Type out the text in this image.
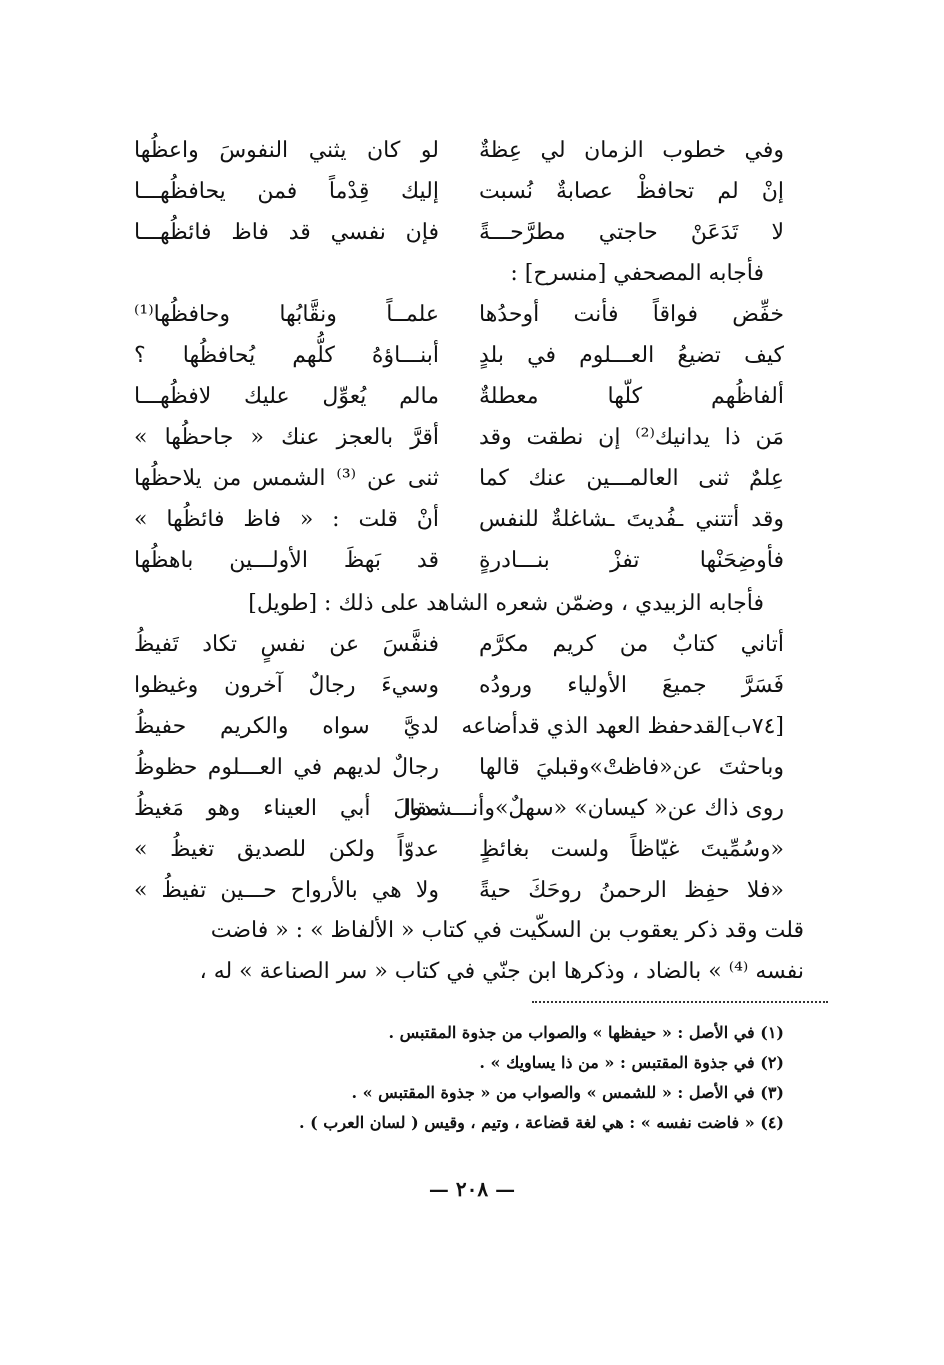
وفي خطوب الزمان لي عِظةٌ
لو كان يثني النفوسَ واعظُها
إنْ لم تحافظْ عصابةٌ نُسبت
إليك قِدْماً فمن يحافظُهـــا
لا تَدَعَنْ حاجتي مطرَّحـــةً
فإن نفسي قد فاظ فائظُهـــا
فأجابه المصحفي [منسرح] :
خفِّض فواقاً فأنت أوحدُها
علمــاً ونقَّابُها وحافظُها⁽¹⁾
كيف تضيعُ العـــلوم في بلدٍ
أبنـــاؤهُ كلُّهم يُحافظُها ؟
ألفاظُهم كلّها معطلةٌ
مالم يُعوِّل عليك لافظُهـــا
مَن ذا يدانيك⁽²⁾ إن نطقت وقد
أقرَّ بالعجز عنك « جاحظُها »
عِلمٌ ثنى العالمـــين عنك كما
ثنى عن ⁽³⁾ الشمس من يلاحظُها
وقد أتتني ـفُديتَ ـشاغلةٌ للنفس
أنْ قلت : « فاظ فائظُها »
فأوضِحَنْها تفزْ بنـــادرةٍ
قد بَهظَ الأولـــين باهظُها
فأجابه الزبيدي ، وضمّن شعره الشاهد على ذلك : [طويل]
أتاني كتابٌ من كريم مكرَّم
فنفَّسَ عن نفسٍ تكاد تَفيظُ
فَسَرَّ جميعَ الأولياء ورودُه
وسيءَ رجالٌ آخرون وغيظوا
[٧٤ب]لقدحفظ العهد الذي قدأضاعه
لديَّ سواه والكريم حفيظُ
وباحثتَ عن«فاظتْ»وقبليَ قالها
رجالٌ لديهم في العـــلوم حظوظُ
روى ذاك عن« كيسان» «سهلٌ»وأنـــشدوا
مقالَ أبي العيناء وهو مَغيظُ
«وسُمِّيتَ غيّاظاً ولست بغائظٍ
عدوّاً ولكن للصديق تغيظُ »
«فلا حفِظ الرحمنُ روحَكَ حيةً
ولا هي بالأرواح حـــين تفيظُ »
قلت وقد ذكر يعقوب بن السكّيت في كتاب « الألفاظ » : « فاضت
نفسه ⁽⁴⁾ » بالضاد ، وذكرها ابن جنّي في كتاب « سر الصناعة » له ،
(١) في الأصل : « حيفظها » والصواب من جذوة المقتبس .
(٢) في جذوة المقتبس : « من ذا يساويك » .
(٣) في الأصل : « للشمس » والصواب من « جذوة المقتبس » .
(٤) « فاضت نفسه » : هي لغة قضاعة ، وتيم ، وقيس ( لسان العرب ) .
— ٢٠٨ —
